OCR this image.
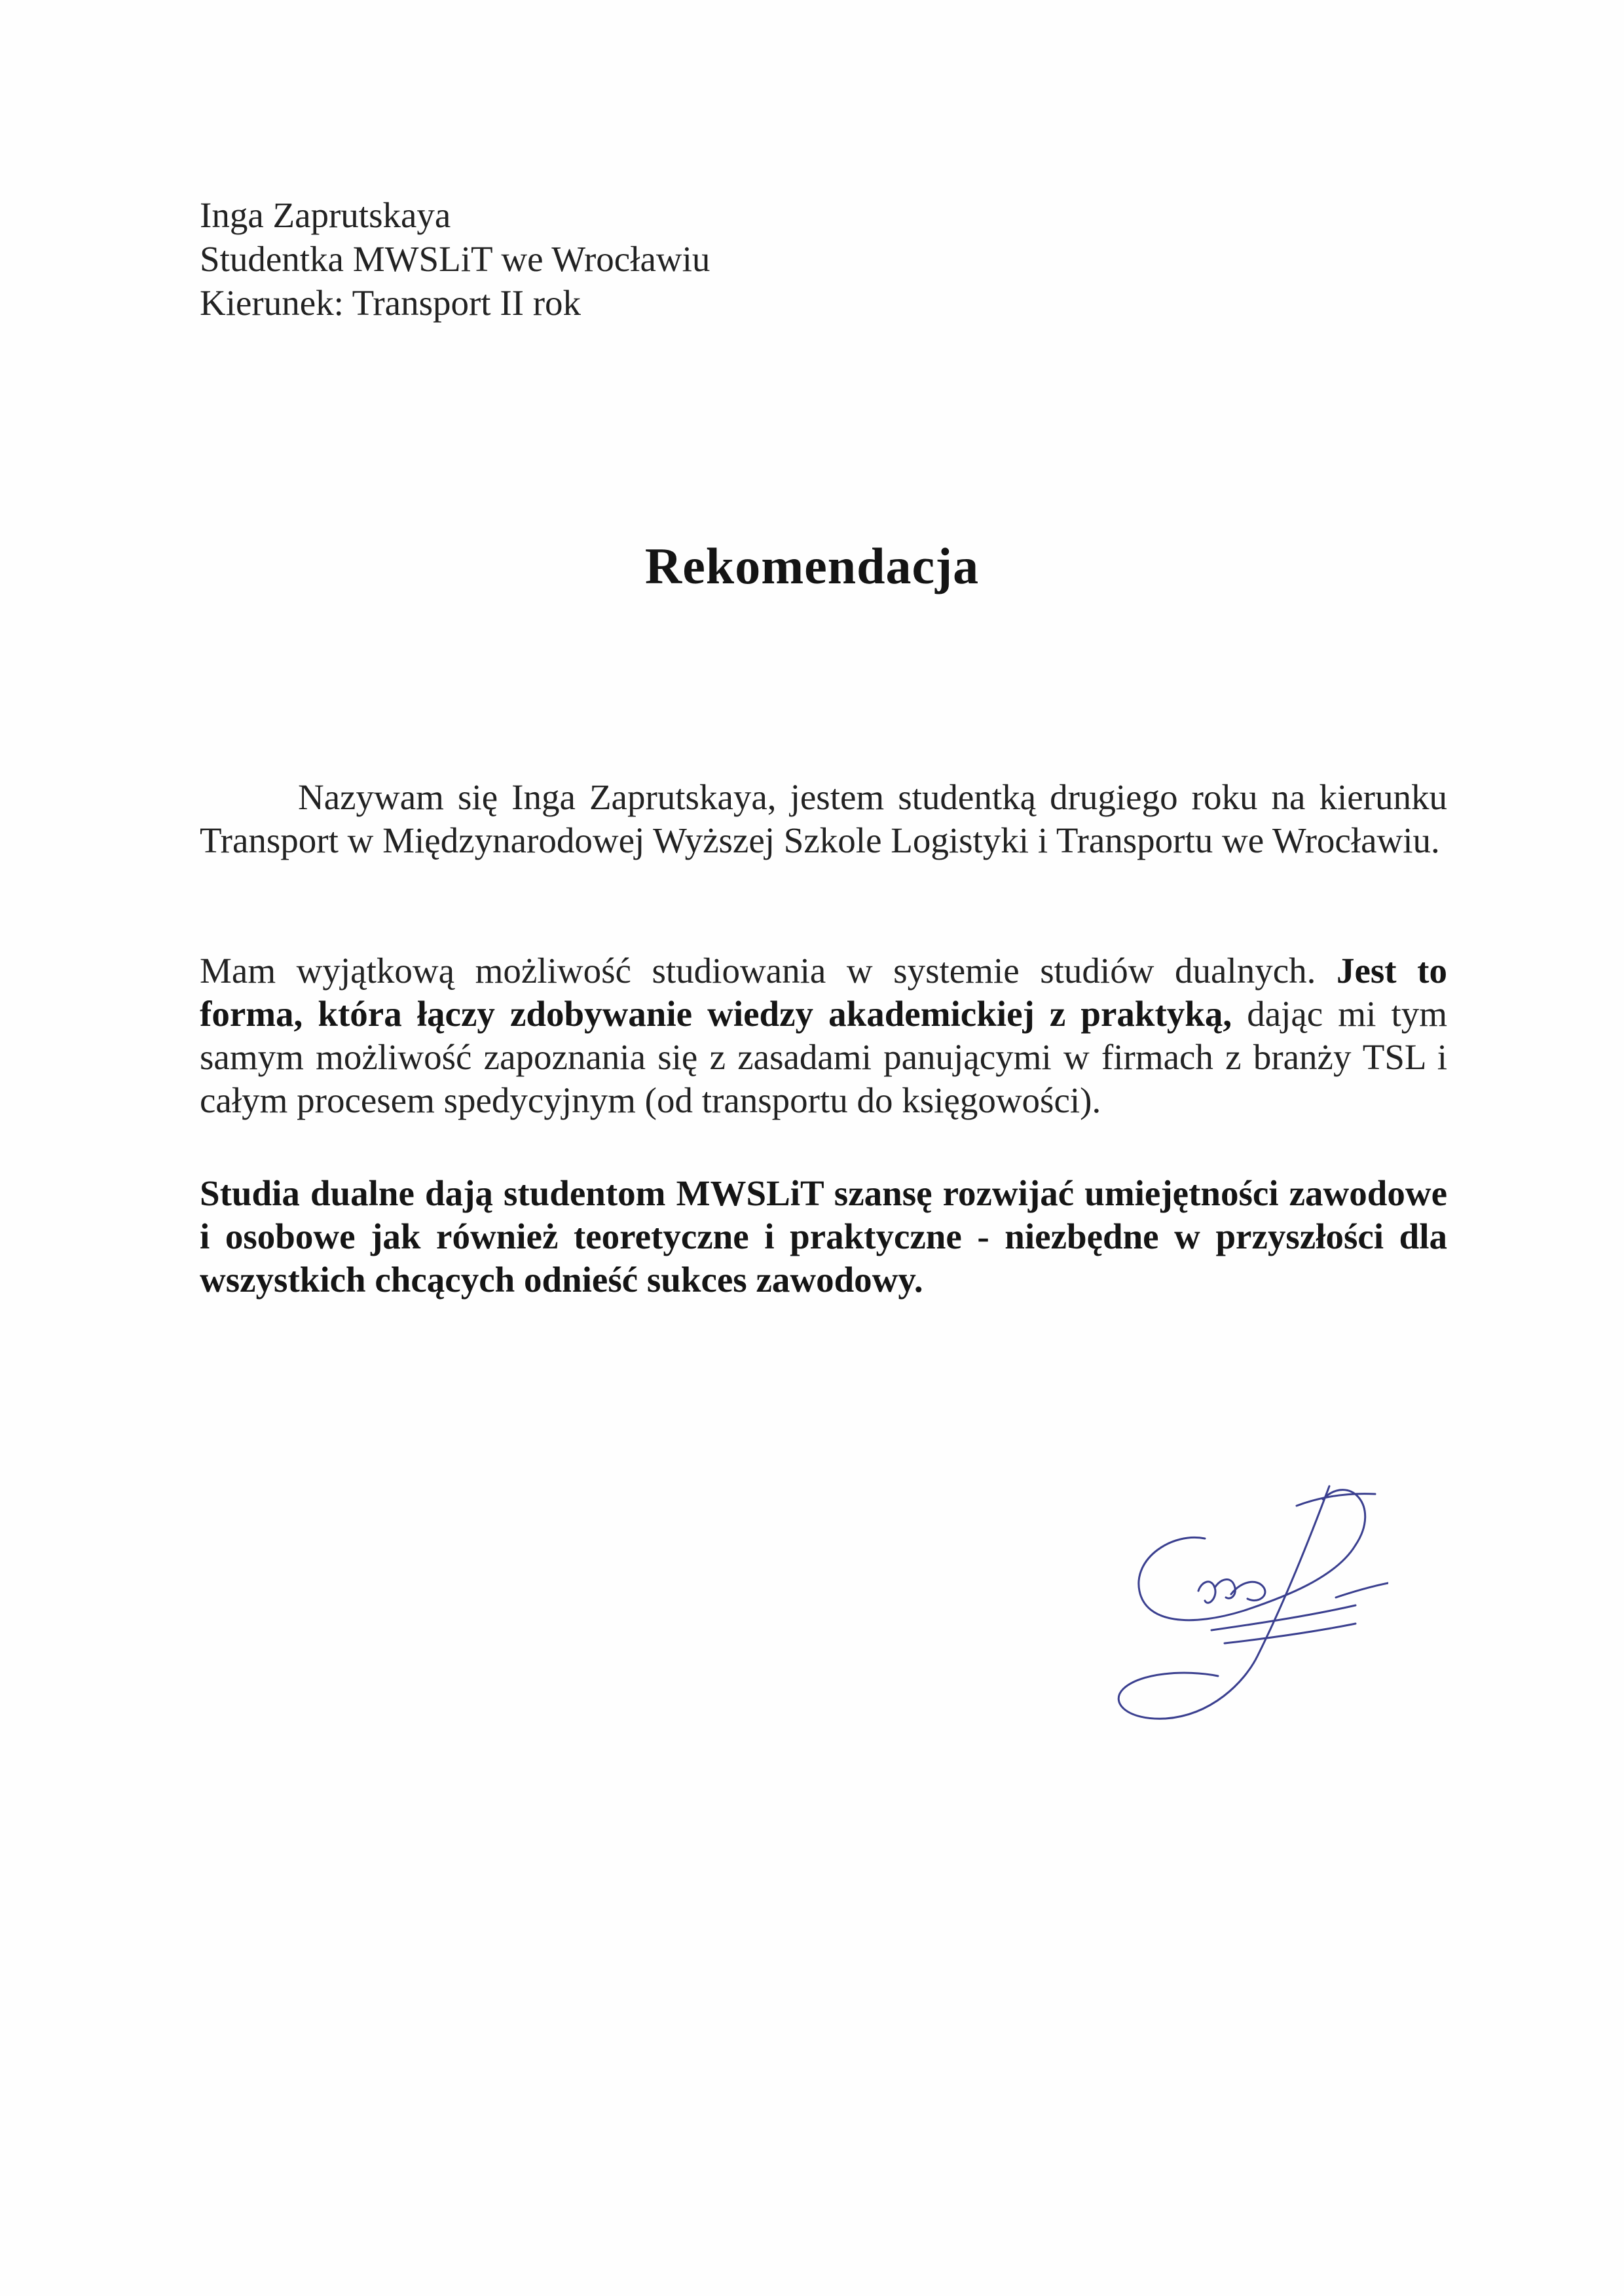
Inga Zaprutskaya
Studentka MWSLiT we Wrocławiu
Kierunek: Transport II rok
Rekomendacja
Nazywam się Inga Zaprutskaya, jestem studentką drugiego roku na kierunku Transport w Międzynarodowej Wyższej Szkole Logistyki i Transportu we Wrocławiu.
Mam wyjątkową możliwość studiowania w systemie studiów dualnych. Jest to forma, która łączy zdobywanie wiedzy akademickiej z praktyką, dając mi tym samym możliwość zapoznania się z zasadami panującymi w firmach z branży TSL i całym procesem spedycyjnym (od transportu do księgowości).
Studia dualne dają studentom MWSLiT szansę rozwijać umiejętności zawodowe i osobowe jak również teoretyczne i praktyczne - niezbędne w przyszłości dla wszystkich chcących odnieść sukces zawodowy.
